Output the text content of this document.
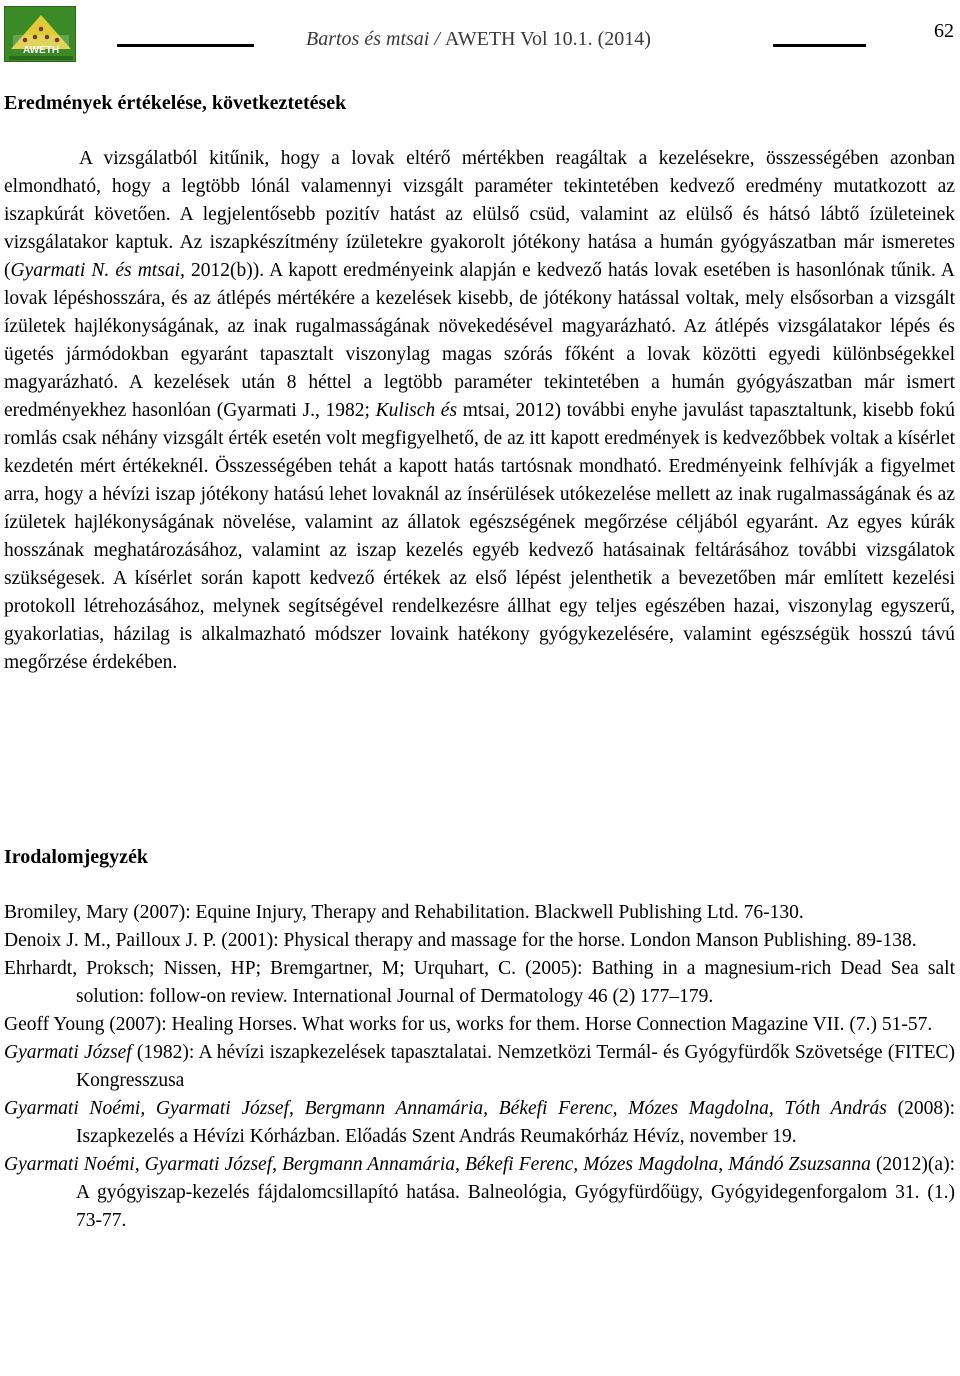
AWETH
Bartos és mtsai / AWETH Vol 10.1. (2014)	62
Eredmények értékelése, következtetések

A vizsgálatból kitűnik, hogy a lovak eltérő mértékben reagáltak a kezelésekre, összességében azonban elmondható, hogy a legtöbb lónál valamennyi vizsgált paraméter tekintetében kedvező eredmény mutatkozott az iszapkúrát követően. A legjelentősebb pozitív hatást az elülső csüd, valamint az elülső és hátsó lábtő ízületeinek vizsgálatakor kaptuk. Az iszapkészítmény ízületekre gyakorolt jótékony hatása a humán gyógyászatban már ismeretes (Gyarmati N. és mtsai, 2012(b)). A kapott eredményeink alapján e kedvező hatás lovak esetében is hasonlónak tűnik. A lovak lépéshosszára, és az átlépés mértékére a kezelések kisebb, de jótékony hatással voltak, mely elsősorban a vizsgált ízületek hajlékonyságának, az inak rugalmasságának növekedésével magyarázható. Az átlépés vizsgálatakor lépés és ügetés jármódokban egyaránt tapasztalt viszonylag magas szórás főként a lovak közötti egyedi különbségekkel magyarázható. A kezelések után 8 héttel a legtöbb paraméter tekintetében a humán gyógyászatban már ismert eredményekhez hasonlóan (Gyarmati J., 1982; Kulisch és mtsai, 2012) további enyhe javulást tapasztaltunk, kisebb fokú romlás csak néhány vizsgált érték esetén volt megfigyelhető, de az itt kapott eredmények is kedvezőbbek voltak a kísérlet kezdetén mért értékeknél. Összességében tehát a kapott hatás tartósnak mondható. Eredményeink felhívják a figyelmet arra, hogy a hévízi iszap jótékony hatású lehet lovaknál az ínsérülések utókezelése mellett az inak rugalmasságának és az ízületek hajlékonyságának növelése, valamint az állatok egészségének megőrzése céljából egyaránt. Az egyes kúrák hosszának meghatározásához, valamint az iszap kezelés egyéb kedvező hatásainak feltárásához további vizsgálatok szükségesek. A kísérlet során kapott kedvező értékek az első lépést jelenthetik a bevezetőben már említett kezelési protokoll létrehozásához, melynek segítségével rendelkezésre állhat egy teljes egészében hazai, viszonylag egyszerű, gyakorlatias, házilag is alkalmazható módszer lovaink hatékony gyógykezelésére, valamint egészségük hosszú távú megőrzése érdekében.

Irodalomjegyzék
Bromiley, Mary (2007): Equine Injury, Therapy and Rehabilitation. Blackwell Publishing Ltd. 76-130.
Denoix J. M., Pailloux J. P. (2001): Physical therapy and massage for the horse. London Manson Publishing. 89-138.
Ehrhardt, Proksch; Nissen, HP; Bremgartner, M; Urquhart, C. (2005): Bathing in a magnesium-rich Dead Sea salt solution: follow-on review. International Journal of Dermatology 46 (2) 177–179.
Geoff Young (2007): Healing Horses. What works for us, works for them. Horse Connection Magazine VII. (7.) 51-57.
Gyarmati József (1982): A hévízi iszapkezelések tapasztalatai. Nemzetközi Termál- és Gyógyfürdők Szövetsége (FITEC) Kongresszusa
Gyarmati Noémi, Gyarmati József, Bergmann Annamária, Békefi Ferenc, Mózes Magdolna, Tóth András (2008): Iszapkezelés a Hévízi Kórházban. Előadás Szent András Reumakórház Hévíz, november 19.
Gyarmati Noémi, Gyarmati József, Bergmann Annamária, Békefi Ferenc, Mózes Magdolna, Mándó Zsuzsanna (2012)(a): A gyógyiszap-kezelés fájdalomcsillapító hatása. Balneológia, Gyógyfürdőügy, Gyógyidegenforgalom 31. (1.) 73-77.
